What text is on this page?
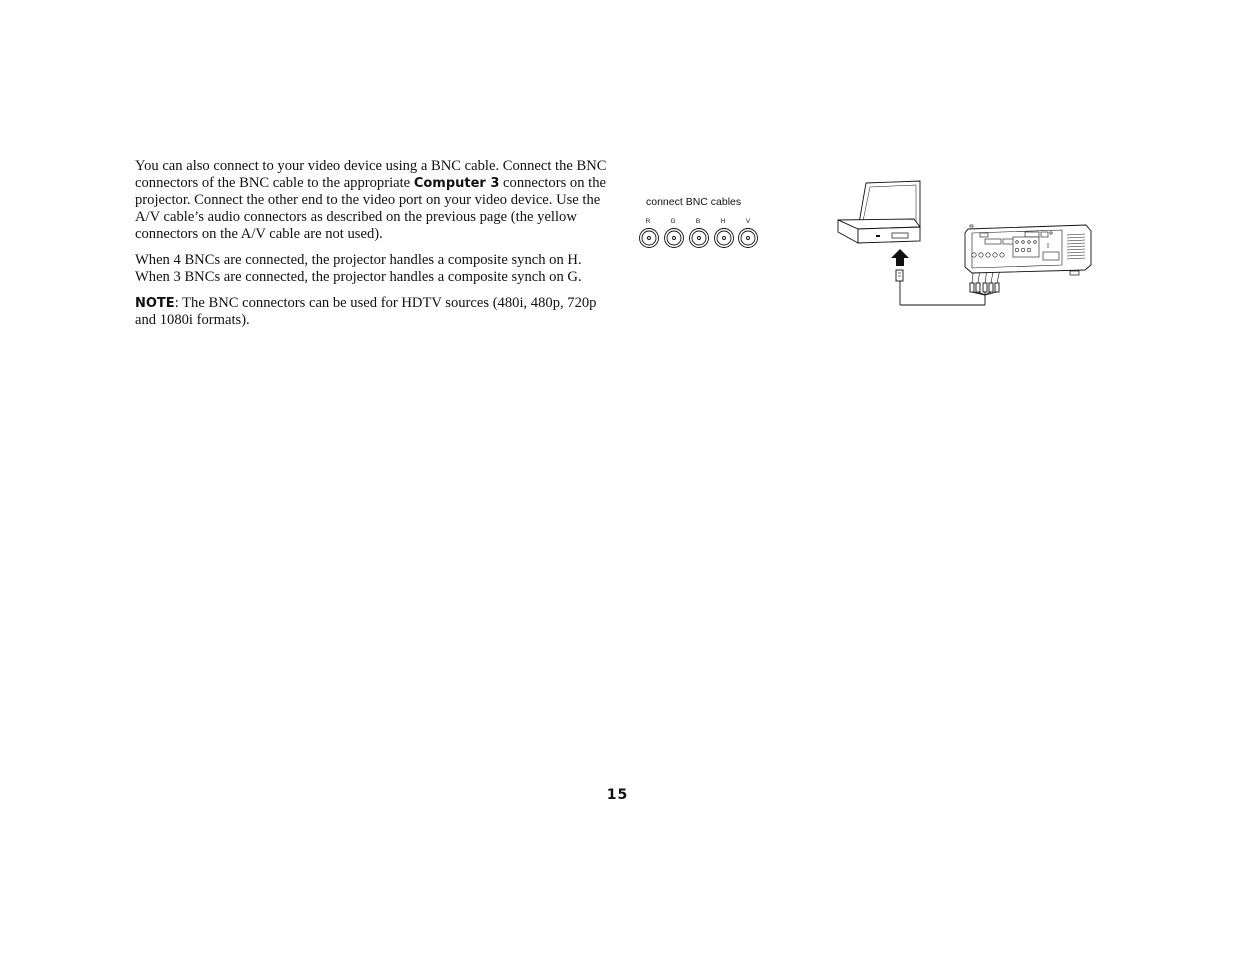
You can also connect to your video device using a BNC cable. Connect the BNC connectors of the BNC cable to the appropriate Computer 3 connectors on the projector. Connect the other end to the video port on your video device. Use the A/V cable’s audio connectors as described on the previous page (the yellow connectors on the A/V cable are not used).

When 4 BNCs are connected, the projector handles a composite synch on H. When 3 BNCs are connected, the projector handles a composite synch on G.

NOTE: The BNC connectors can be used for HDTV sources (480i, 480p, 720p and 1080i formats).

connect BNC cables
R	G	B	H	V
15
